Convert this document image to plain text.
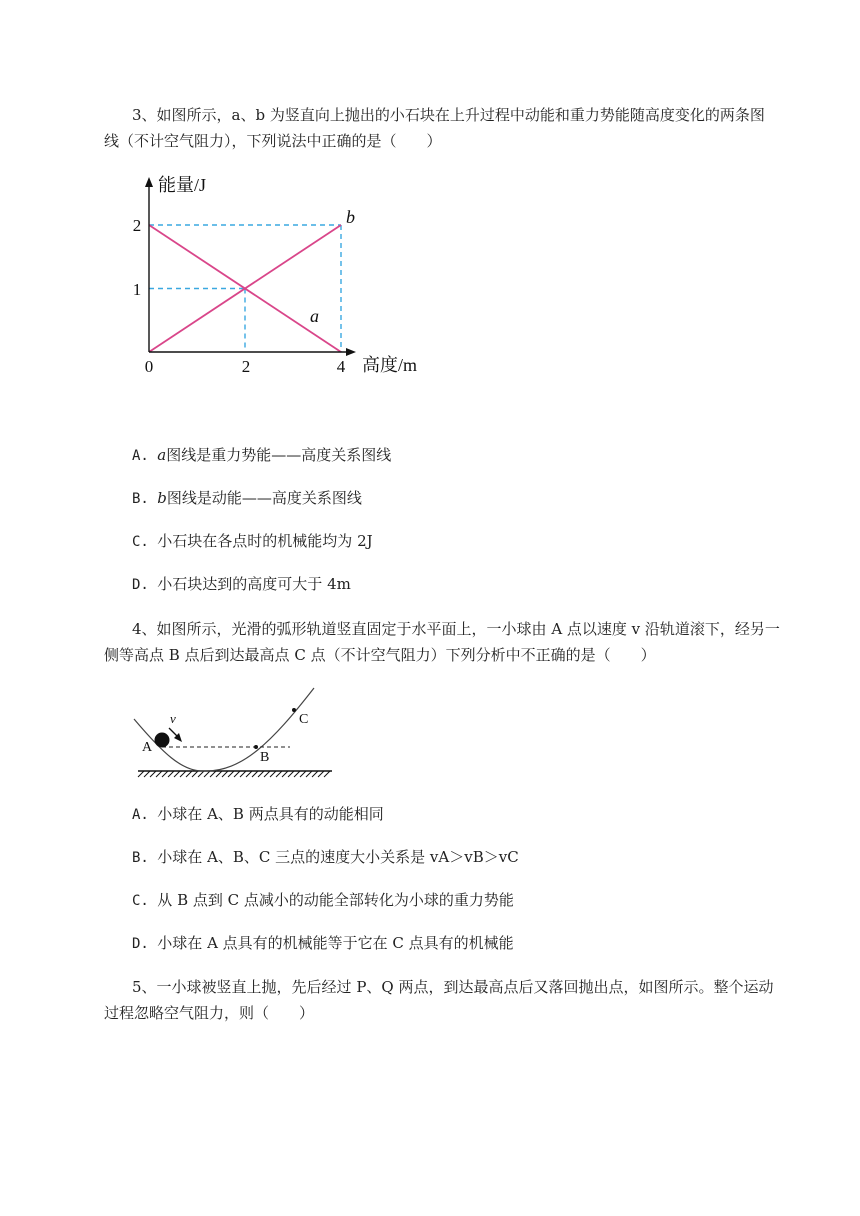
3、如图所示，a、b 为竖直向上抛出的小石块在上升过程中动能和重力势能随高度变化的两条图
线（不计空气阻力），下列说法中正确的是（　　）
能量/J
高度/m
2
1
0	2	4
b
a
A. a图线是重力势能——高度关系图线
B. b图线是动能——高度关系图线
C. 小石块在各点时的机械能均为 2J
D. 小石块达到的高度可大于 4m
4、如图所示，光滑的弧形轨道竖直固定于水平面上，一小球由 A 点以速度 v 沿轨道滚下，经另一
侧等高点 B 点后到达最高点 C 点（不计空气阻力）下列分析中不正确的是（　　）
v
A
B
C
A. 小球在 A、B 两点具有的动能相同
B. 小球在 A、B、C 三点的速度大小关系是 vA＞vB＞vC
C. 从 B 点到 C 点减小的动能全部转化为小球的重力势能
D. 小球在 A 点具有的机械能等于它在 C 点具有的机械能
5、一小球被竖直上抛，先后经过 P、Q 两点，到达最高点后又落回抛出点，如图所示。整个运动
过程忽略空气阻力，则（　　）
